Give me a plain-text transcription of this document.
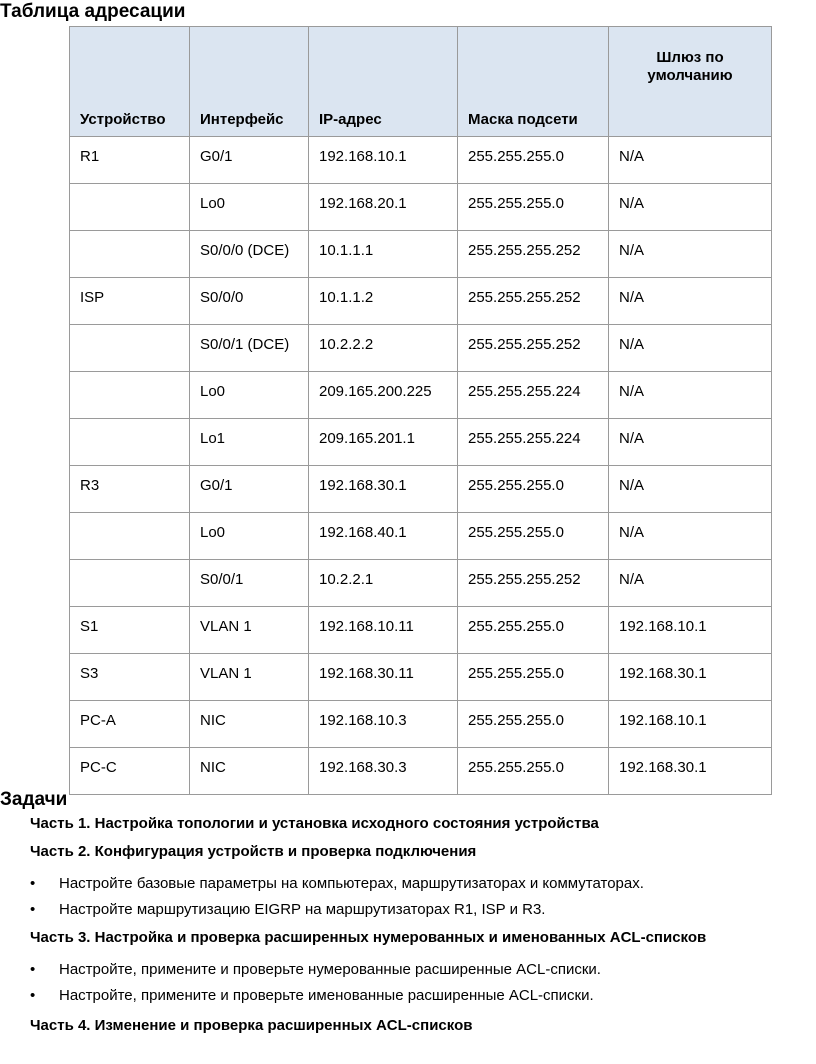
Таблица адресации
Устройство	Интерфейс	IP-адрес	Маска подсети	Шлюз по умолчанию
R1	G0/1	192.168.10.1	255.255.255.0	N/A
	Lo0	192.168.20.1	255.255.255.0	N/A
	S0/0/0 (DCE)	10.1.1.1	255.255.255.252	N/A
ISP	S0/0/0	10.1.1.2	255.255.255.252	N/A
	S0/0/1 (DCE)	10.2.2.2	255.255.255.252	N/A
	Lo0	209.165.200.225	255.255.255.224	N/A
	Lo1	209.165.201.1	255.255.255.224	N/A
R3	G0/1	192.168.30.1	255.255.255.0	N/A
	Lo0	192.168.40.1	255.255.255.0	N/A
	S0/0/1	10.2.2.1	255.255.255.252	N/A
S1	VLAN 1	192.168.10.11	255.255.255.0	192.168.10.1
S3	VLAN 1	192.168.30.11	255.255.255.0	192.168.30.1
PC-A	NIC	192.168.10.3	255.255.255.0	192.168.10.1
PC-C	NIC	192.168.30.3	255.255.255.0	192.168.30.1
Задачи

Часть 1. Настройка топологии и установка исходного состояния устройства

Часть 2. Конфигурация устройств и проверка подключения

• Настройте базовые параметры на компьютерах, маршрутизаторах и коммутаторах.
• Настройте маршрутизацию EIGRP на маршрутизаторах R1, ISP и R3.

Часть 3. Настройка и проверка расширенных нумерованных и именованных ACL-списков

• Настройте, примените и проверьте нумерованные расширенные ACL-списки.
• Настройте, примените и проверьте именованные расширенные ACL-списки.

Часть 4. Изменение и проверка расширенных ACL-списков
